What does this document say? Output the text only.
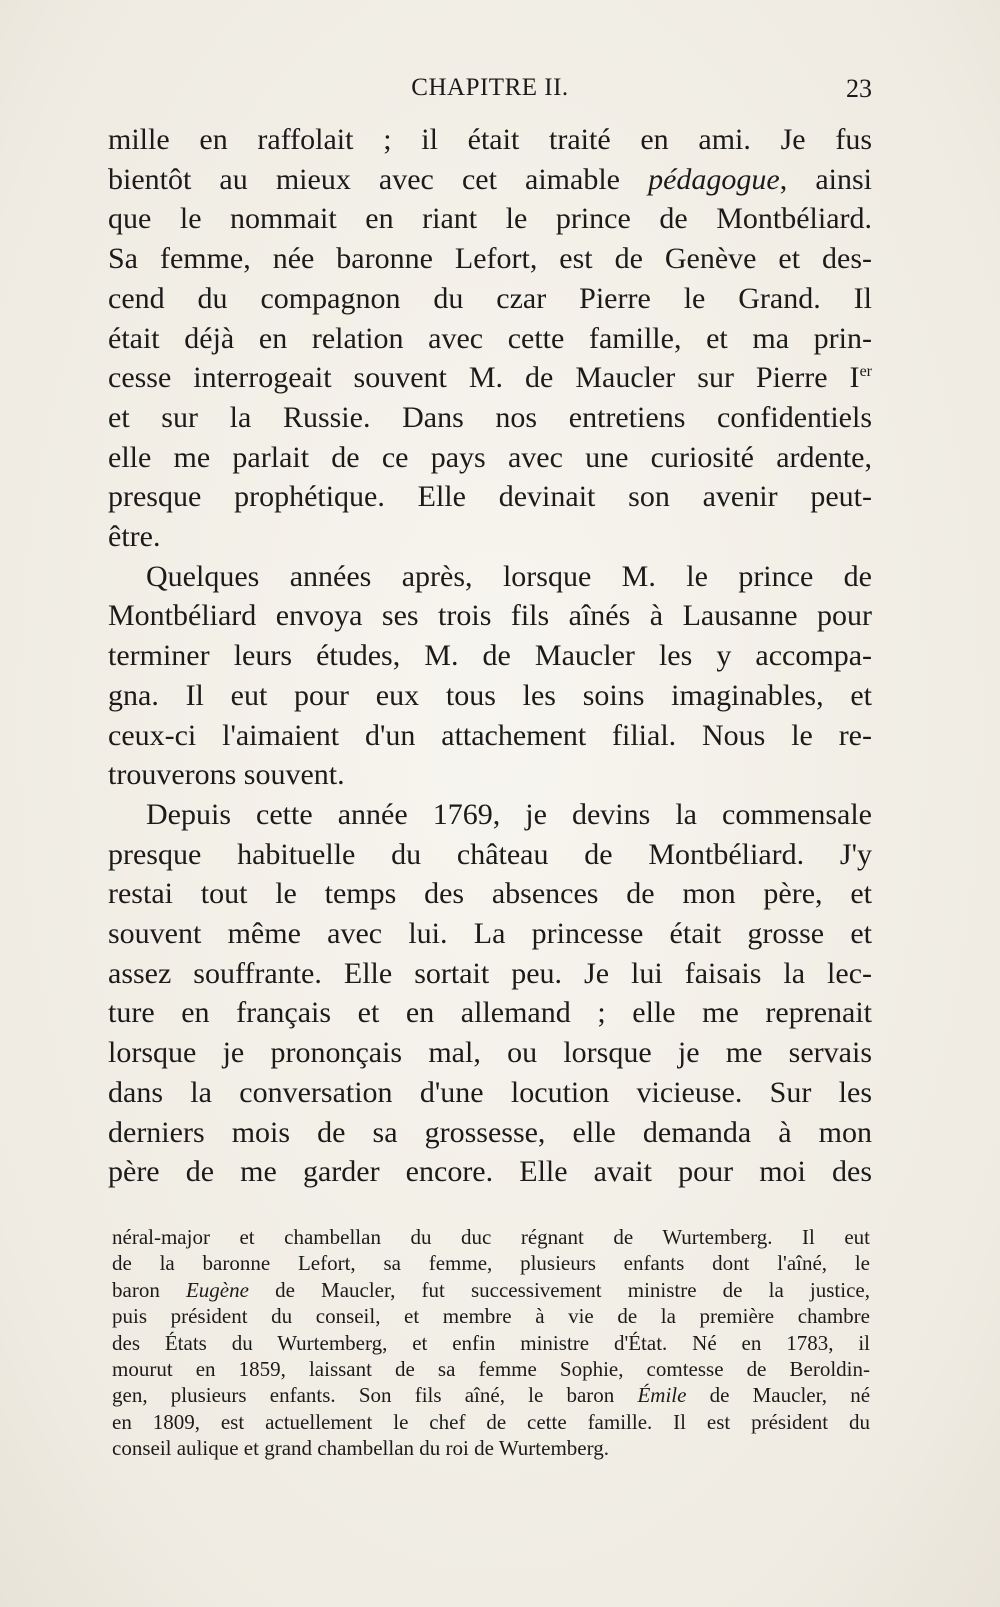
CHAPITRE II.	23
mille en raffolait ; il était traité en ami. Je fus
bientôt au mieux avec cet aimable pédagogue, ainsi
que le nommait en riant le prince de Montbéliard.
Sa femme, née baronne Lefort, est de Genève et des-
cend du compagnon du czar Pierre le Grand. Il
était déjà en relation avec cette famille, et ma prin-
cesse interrogeait souvent M. de Maucler sur Pierre Ier
et sur la Russie. Dans nos entretiens confidentiels
elle me parlait de ce pays avec une curiosité ardente,
presque prophétique. Elle devinait son avenir peut-
être.
Quelques années après, lorsque M. le prince de
Montbéliard envoya ses trois fils aînés à Lausanne pour
terminer leurs études, M. de Maucler les y accompa-
gna. Il eut pour eux tous les soins imaginables, et
ceux-ci l'aimaient d'un attachement filial. Nous le re-
trouverons souvent.
Depuis cette année 1769, je devins la commensale
presque habituelle du château de Montbéliard. J'y
restai tout le temps des absences de mon père, et
souvent même avec lui. La princesse était grosse et
assez souffrante. Elle sortait peu. Je lui faisais la lec-
ture en français et en allemand ; elle me reprenait
lorsque je prononçais mal, ou lorsque je me servais
dans la conversation d'une locution vicieuse. Sur les
derniers mois de sa grossesse, elle demanda à mon
père de me garder encore. Elle avait pour moi des
néral-major et chambellan du duc régnant de Wurtemberg. Il eut
de la baronne Lefort, sa femme, plusieurs enfants dont l'aîné, le
baron Eugène de Maucler, fut successivement ministre de la justice,
puis président du conseil, et membre à vie de la première chambre
des États du Wurtemberg, et enfin ministre d'État. Né en 1783, il
mourut en 1859, laissant de sa femme Sophie, comtesse de Beroldin-
gen, plusieurs enfants. Son fils aîné, le baron Émile de Maucler, né
en 1809, est actuellement le chef de cette famille. Il est président du
conseil aulique et grand chambellan du roi de Wurtemberg.
